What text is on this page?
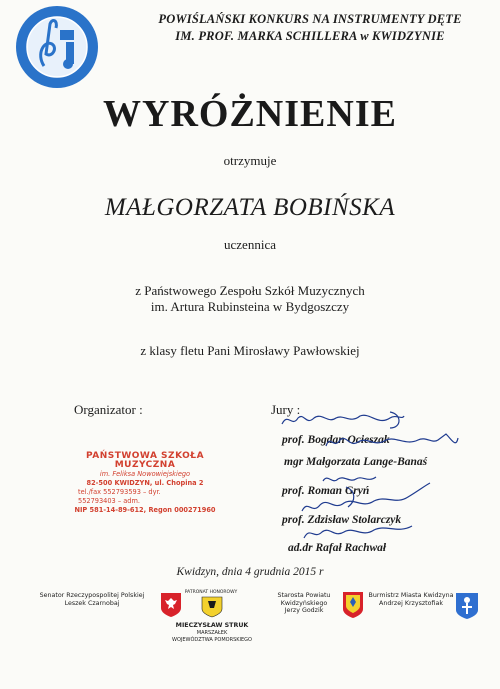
POWIŚLAŃSKI KONKURS NA INSTRUMENTY DĘTE
IM. PROF. MARKA SCHILLERA w KWIDZYNIE
WYRÓŻNIENIE
otrzymuje
MAŁGORZATA BOBIŃSKA
uczennica
z Państwowego Zespołu Szkół Muzycznych
im. Artura Rubinsteina w Bydgoszczy
z klasy fletu Pani Mirosławy Pawłowskiej
Organizator :
PAŃSTWOWA SZKOŁA MUZYCZNA
im. Feliksa Nowowiejskiego
82-500 KWIDZYN, ul. Chopina 2
tel./fax 552793593 – dyr.
552793403 – adm.
NIP 581-14-89-612, Regon 000271960
Jury :
prof. Bogdan Ocieszak
mgr Małgorzata Lange-Banaś
prof. Roman Gryń
prof. Zdzisław Stolarczyk
ad.dr Rafał Rachwał
Kwidzyn, dnia 4 grudnia 2015 r
Senator Rzeczypospolitej Polskiej
Leszek Czarnobaj
PATRONAT HONOROWY
MIECZYSŁAW STRUK
MARSZAŁEK
WOJEWÓDZTWA POMORSKIEGO
Starosta Powiatu
Kwidzyńskiego
Jerzy Godzik
Burmistrz Miasta Kwidzyna
Andrzej Krzysztofiak
